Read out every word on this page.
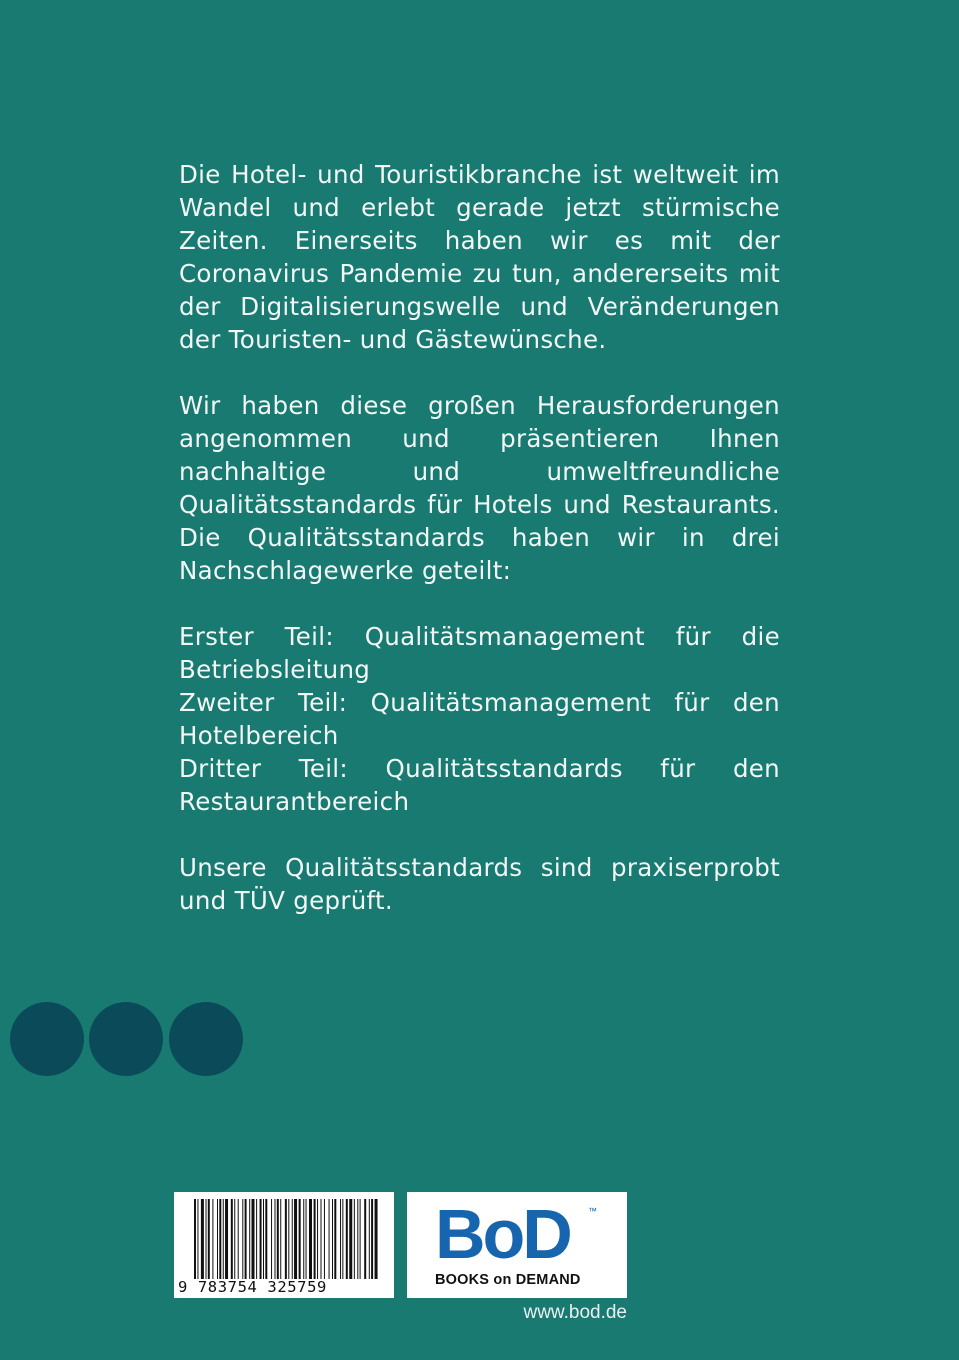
Die Hotel- und Touristikbranche ist weltweit im Wandel und erlebt gerade jetzt stürmische Zeiten. Einerseits haben wir es mit der Coronavirus Pandemie zu tun, andererseits mit der Digitalisierungswelle und Veränderungen der Touristen- und Gästewünsche.

Wir haben diese großen Herausforderungen angenommen und präsentieren Ihnen nachhaltige und umweltfreundliche Qualitätsstandards für Hotels und Restaurants. Die Qualitätsstandards haben wir in drei Nachschlagewerke geteilt:

Erster Teil: Qualitätsmanagement für die Betriebsleitung

Zweiter Teil: Qualitätsmanagement für den Hotelbereich

Dritter Teil: Qualitätsstandards für den Restaurantbereich

Unsere Qualitätsstandards sind praxiserprobt und TÜV geprüft.

9 783754 325759
BoD ™
BOOKS on DEMAND
www.bod.de
